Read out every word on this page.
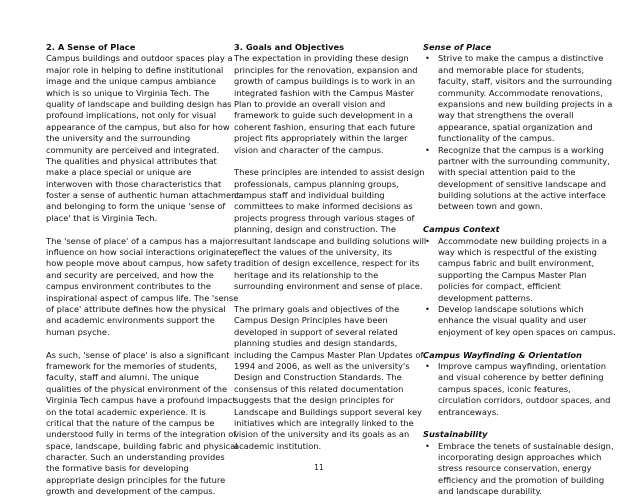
2. A Sense of Place
Campus buildings and outdoor spaces play a
major role in helping to define institutional
image and the unique campus ambiance
which is so unique to Virginia Tech. The
quality of landscape and building design has
profound implications, not only for visual
appearance of the campus, but also for how
the university and the surrounding
community are perceived and integrated.
The qualities and physical attributes that
make a place special or unique are
interwoven with those characteristics that
foster a sense of authentic human attachment
and belonging to form the unique 'sense of
place' that is Virginia Tech.
The 'sense of place' of a campus has a major
influence on how social interactions originate,
how people move about campus, how safety
and security are perceived, and how the
campus environment contributes to the
inspirational aspect of campus life. The 'sense
of place' attribute defines how the physical
and academic environments support the
human psyche.
As such, 'sense of place' is also a significant
framework for the memories of students,
faculty, staff and alumni. The unique
qualities of the physical environment of the
Virginia Tech campus have a profound impact
on the total academic experience. It is
critical that the nature of the campus be
understood fully in terms of the integration of
space, landscape, building fabric and physical
character. Such an understanding provides
the formative basis for developing
appropriate design principles for the future
growth and development of the campus.
3. Goals and Objectives
The expectation in providing these design
principles for the renovation, expansion and
growth of campus buildings is to work in an
integrated fashion with the Campus Master
Plan to provide an overall vision and
framework to guide such development in a
coherent fashion, ensuring that each future
project fits appropriately within the larger
vision and character of the campus.
These principles are intended to assist design
professionals, campus planning groups,
campus staff and individual building
committees to make informed decisions as
projects progress through various stages of
planning, design and construction. The
resultant landscape and building solutions will
reflect the values of the university, its
tradition of design excellence, respect for its
heritage and its relationship to the
surrounding environment and sense of place.
The primary goals and objectives of the
Campus Design Principles have been
developed in support of several related
planning studies and design standards,
including the Campus Master Plan Updates of
1994 and 2006, as well as the university's
Design and Construction Standards. The
consensus of this related documentation
suggests that the design principles for
Landscape and Buildings support several key
initiatives which are integrally linked to the
vision of the university and its goals as an
academic institution.
Sense of Place
• Strive to make the campus a distinctive
and memorable place for students,
faculty, staff, visitors and the surrounding
community. Accommodate renovations,
expansions and new building projects in a
way that strengthens the overall
appearance, spatial organization and
functionality of the campus.
• Recognize that the campus is a working
partner with the surrounding community,
with special attention paid to the
development of sensitive landscape and
building solutions at the active interface
between town and gown.
Campus Context
• Accommodate new building projects in a
way which is respectful of the existing
campus fabric and built environment,
supporting the Campus Master Plan
policies for compact, efficient
development patterns.
• Develop landscape solutions which
enhance the visual quality and user
enjoyment of key open spaces on campus.
Campus Wayfinding & Orientation
• Improve campus wayfinding, orientation
and visual coherence by better defining
campus spaces, iconic features,
circulation corridors, outdoor spaces, and
entranceways.
Sustainability
• Embrace the tenets of sustainable design,
incorporating design approaches which
stress resource conservation, energy
efficiency and the promotion of building
and landscape durability.
11
